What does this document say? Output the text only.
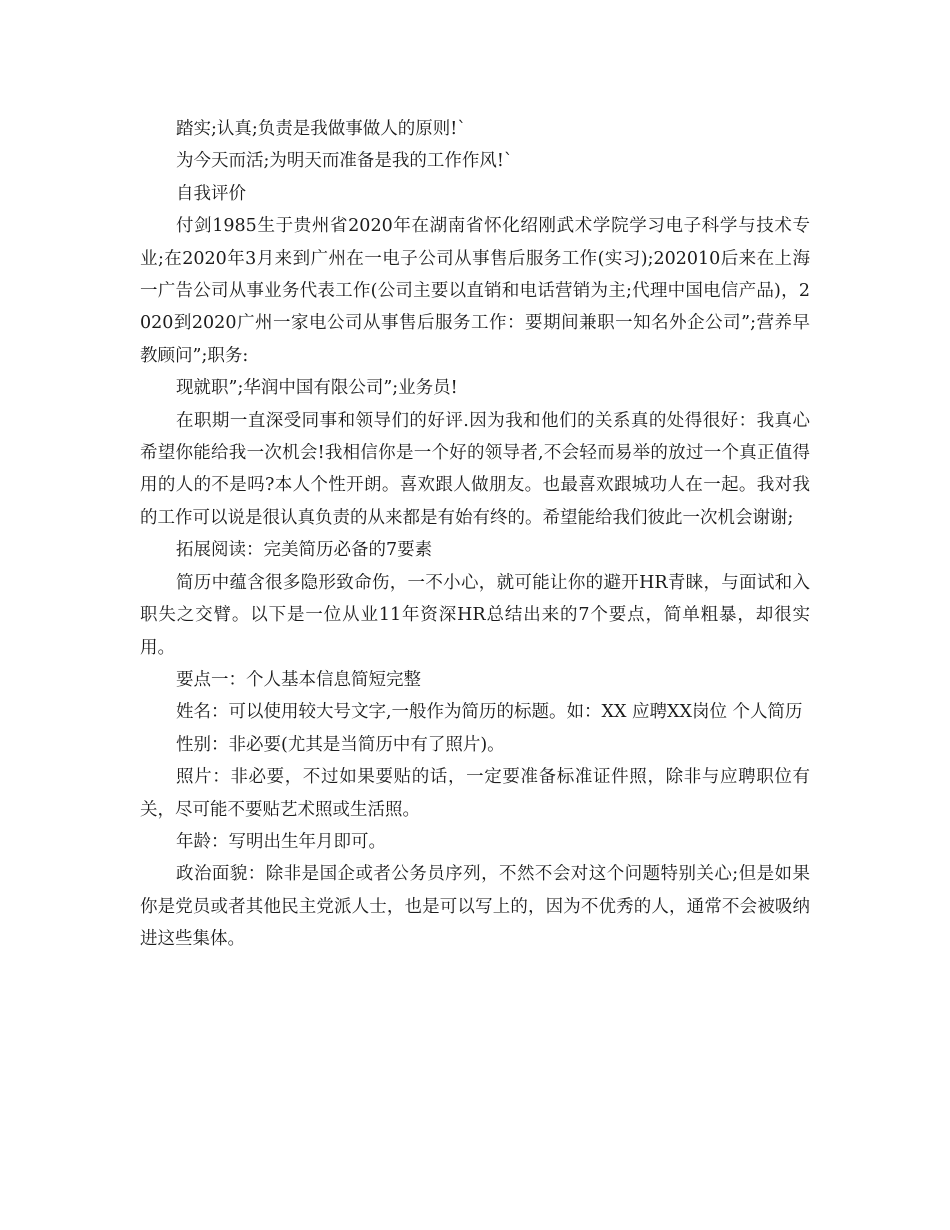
踏实;认真;负责是我做事做人的原则!`

为今天而活;为明天而准备是我的工作作风!`

自我评价

付剑1985生于贵州省2020年在湖南省怀化绍刚武术学院学习电子科学与技术专业;在2020年3月来到广州在一电子公司从事售后服务工作(实习);202010后来在上海一广告公司从事业务代表工作(公司主要以直销和电话营销为主;代理中国电信产品)，2020到2020广州一家电公司从事售后服务工作：要期间兼职一知名外企公司”;营养早教顾问”;职务:

现就职”;华润中国有限公司”;业务员!

在职期一直深受同事和领导们的好评.因为我和他们的关系真的处得很好：我真心希望你能给我一次机会!我相信你是一个好的领导者,不会轻而易举的放过一个真正值得用的人的不是吗?本人个性开朗。喜欢跟人做朋友。也最喜欢跟城功人在一起。我对我的工作可以说是很认真负责的从来都是有始有终的。希望能给我们彼此一次机会谢谢;

拓展阅读：完美简历必备的7要素

简历中蕴含很多隐形致命伤，一不小心，就可能让你的避开HR青睐，与面试和入职失之交臂。以下是一位从业11年资深HR总结出来的7个要点，简单粗暴，却很实用。

要点一：个人基本信息简短完整

姓名：可以使用较大号文字,一般作为简历的标题。如：XX 应聘XX岗位 个人简历

性别：非必要(尤其是当简历中有了照片)。

照片：非必要，不过如果要贴的话，一定要准备标准证件照，除非与应聘职位有关，尽可能不要贴艺术照或生活照。

年龄：写明出生年月即可。

政治面貌：除非是国企或者公务员序列，不然不会对这个问题特别关心;但是如果你是党员或者其他民主党派人士，也是可以写上的，因为不优秀的人，通常不会被吸纳进这些集体。
